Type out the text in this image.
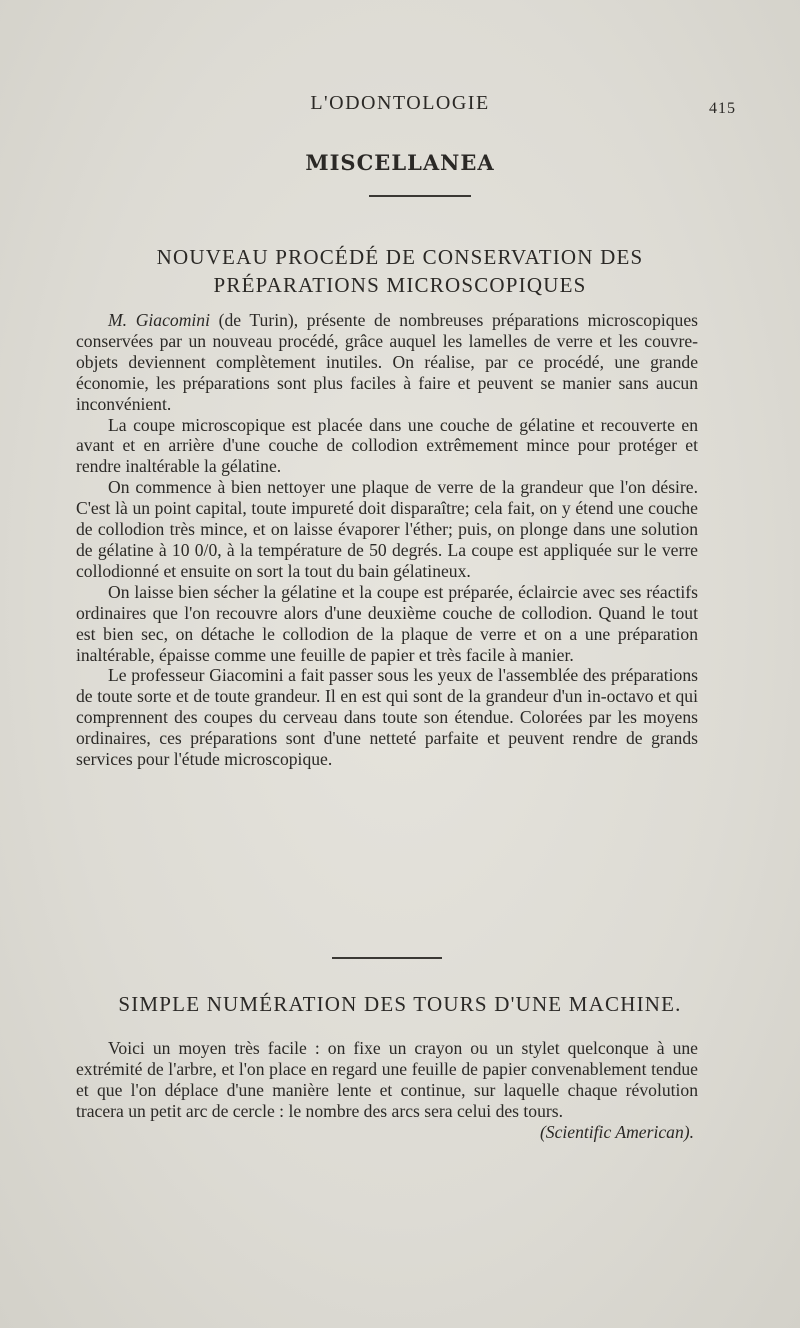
L'ODONTOLOGIE	415
MISCELLANEA
NOUVEAU PROCÉDÉ DE CONSERVATION DES
PRÉPARATIONS MICROSCOPIQUES

M. Giacomini (de Turin), présente de nombreuses préparations microscopiques conservées par un nouveau procédé, grâce auquel les lamelles de verre et les couvre-objets deviennent complètement inutiles. On réalise, par ce procédé, une grande économie, les préparations sont plus faciles à faire et peuvent se manier sans aucun inconvénient.

La coupe microscopique est placée dans une couche de gélatine et recouverte en avant et en arrière d'une couche de collodion extrêmement mince pour protéger et rendre inaltérable la gélatine.

On commence à bien nettoyer une plaque de verre de la grandeur que l'on désire. C'est là un point capital, toute impureté doit disparaître; cela fait, on y étend une couche de collodion très mince, et on laisse évaporer l'éther; puis, on plonge dans une solution de gélatine à 10 0/0, à la température de 50 degrés. La coupe est appliquée sur le verre collodionné et ensuite on sort la tout du bain gélatineux.

On laisse bien sécher la gélatine et la coupe est préparée, éclaircie avec ses réactifs ordinaires que l'on recouvre alors d'une deuxième couche de collodion. Quand le tout est bien sec, on détache le collodion de la plaque de verre et on a une préparation inaltérable, épaisse comme une feuille de papier et très facile à manier.

Le professeur Giacomini a fait passer sous les yeux de l'assemblée des préparations de toute sorte et de toute grandeur. Il en est qui sont de la grandeur d'un in-octavo et qui comprennent des coupes du cerveau dans toute son étendue. Colorées par les moyens ordinaires, ces préparations sont d'une netteté parfaite et peuvent rendre de grands services pour l'étude microscopique.

SIMPLE NUMÉRATION DES TOURS D'UNE MACHINE.

Voici un moyen très facile : on fixe un crayon ou un stylet quelconque à une extrémité de l'arbre, et l'on place en regard une feuille de papier convenablement tendue et que l'on déplace d'une manière lente et continue, sur laquelle chaque révolution tracera un petit arc de cercle : le nombre des arcs sera celui des tours.
(Scientific American).
